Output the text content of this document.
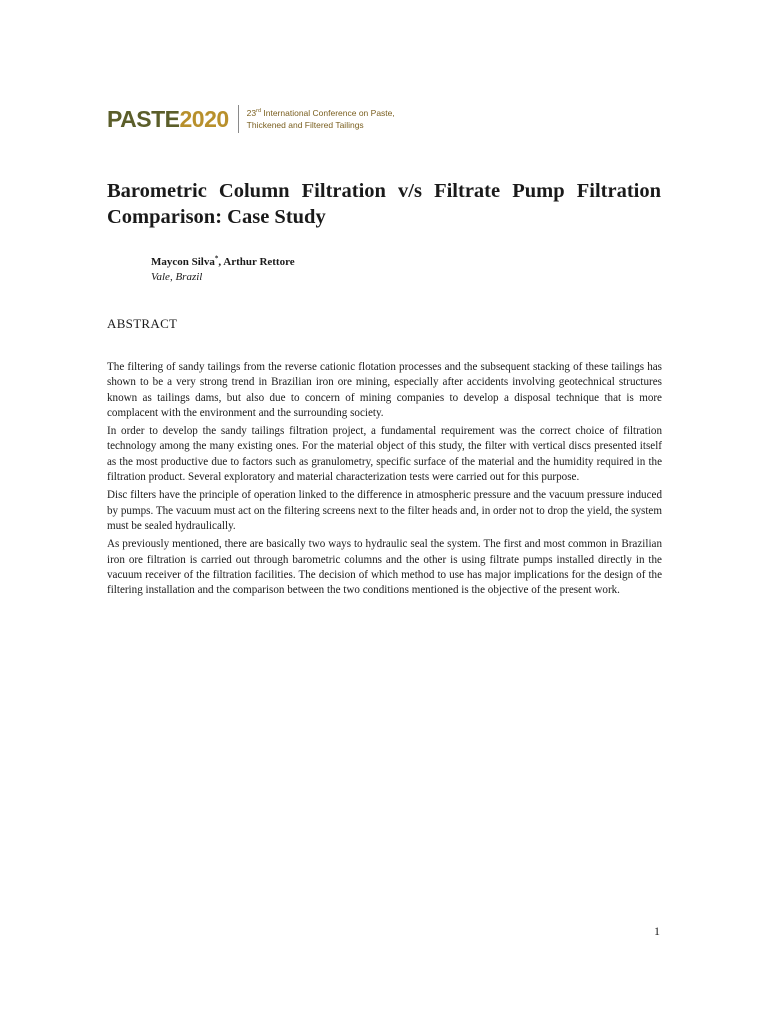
PASTE 2020 23rd International Conference on Paste,
Thickened and Filtered Tailings
Barometric Column Filtration v/s Filtrate Pump Filtration Comparison: Case Study
Maycon Silva*, Arthur Rettore
Vale, Brazil
ABSTRACT

The filtering of sandy tailings from the reverse cationic flotation processes and the subsequent stacking of these tailings has shown to be a very strong trend in Brazilian iron ore mining, especially after accidents involving geotechnical structures known as tailings dams, but also due to concern of mining companies to develop a disposal technique that is more complacent with the environment and the surrounding society.

In order to develop the sandy tailings filtration project, a fundamental requirement was the correct choice of filtration technology among the many existing ones. For the material object of this study, the filter with vertical discs presented itself as the most productive due to factors such as granulometry, specific surface of the material and the humidity required in the filtration product. Several exploratory and material characterization tests were carried out for this purpose.

Disc filters have the principle of operation linked to the difference in atmospheric pressure and the vacuum pressure induced by pumps. The vacuum must act on the filtering screens next to the filter heads and, in order not to drop the yield, the system must be sealed hydraulically.

As previously mentioned, there are basically two ways to hydraulic seal the system. The first and most common in Brazilian iron ore filtration is carried out through barometric columns and the other is using filtrate pumps installed directly in the vacuum receiver of the filtration facilities. The decision of which method to use has major implications for the design of the filtering installation and the comparison between the two conditions mentioned is the objective of the present work.

1
